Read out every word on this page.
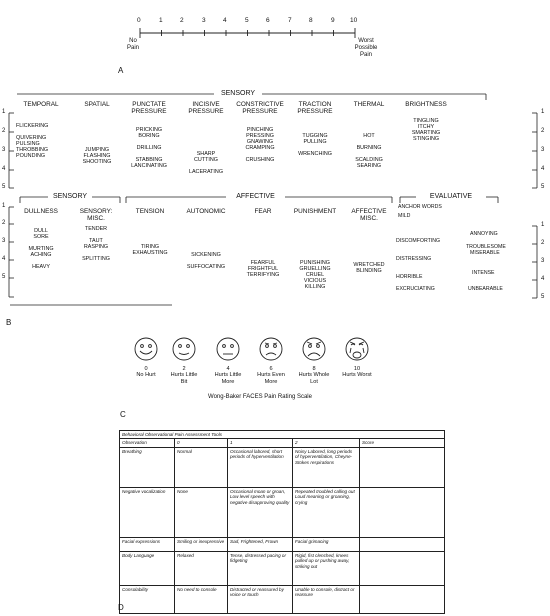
0	1	2	3	4	5	6	7	8	9 10
No
Pain
Worst
Possible
Pain
A
SENSORY
TEMPORAL	SPATIAL	PUNCTATE
PRESSURE
INCISIVE
PRESSURE
CONSTRICTIVE
PRESSURE
TRACTION
PRESSURE
THERMAL	BRIGHTNESS
FLICKERING

QUIVERING
PULSING
THROBBING
POUNDING

JUMPING
FLASHING
SHOOTING
PRICKING
BORING

DRILLING

STABBING
LANCINATING

SHARP
CUTTING

LACERATING
PINCHING
PRESSING
GNAWING
CRAMPING

CRUSHING
TUGGING
PULLING

WRENCHING
HOT

BURNING

SCALDING
SEARING
TINGLING
ITCHY
SMARTING
STINGING
1
2
3
4
5
1
2
3
4
5
SENSORY	AFFECTIVE	EVALUATIVE
DULLNESS	SENSORY:
MISC.
TENSION	AUTONOMIC	FEAR	PUNISHMENT	AFFECTIVE
MISC.
DULL
SORE

MURTING
ACHING

HEAVY
TENDER

TAUT
RASPING

SPLITTING
TIRING
EXHAUSTING	SICKENING

SUFFOCATING
FEARFUL
FRIGHTFUL
TERRIFYING
PUNISHING
GRUELLING
CRUEL
VICIOUS
KILLING
WRETCHED
BLINDING
ANCHOR WORDS
MILD
ANNOYING
DISCOMFORTING
TROUBLESOME
MISERABLE
DISTRESSING
HORRIBLE
INTENSE
EXCRUCIATING	UNBEARABLE
1
2
3
4
5
1
2
3
4
5
B
0
No Hurt
2
Hurts Little
Bit
4
Hurts Little
More
6
Hurts Even
More
8
Hurts Whole
Lot
10
Hurts Worst
Wong-Baker FACES Pain Rating Scale
C
Behavioral Observational Pain Assessment Tools				
Observation	0	1	2	Score
Breathing	Normal	Occasional labored, short periods of hyperventilation	Noisy Labored, long periods of hyperventilation, Cheyne-Stokes respirations	
Negative vocalization	None	Occasional moan or groan, Low level speech with negative disapproving quality	Repeated troubled calling out Loud meaning or groaning, crying	
Facial expressions	Smiling or inexpressive	Sad, Frightened, Frown	Facial grimacing	
Body Language	Relaxed	Tense, distressed pacing or fidgeting	Rigid, fist clenched, knees pulled up or pushing away, striking out	
Consolability	No need to console	Distracted or reassured by voice or touch	Unable to console, distract or reassure	
D
